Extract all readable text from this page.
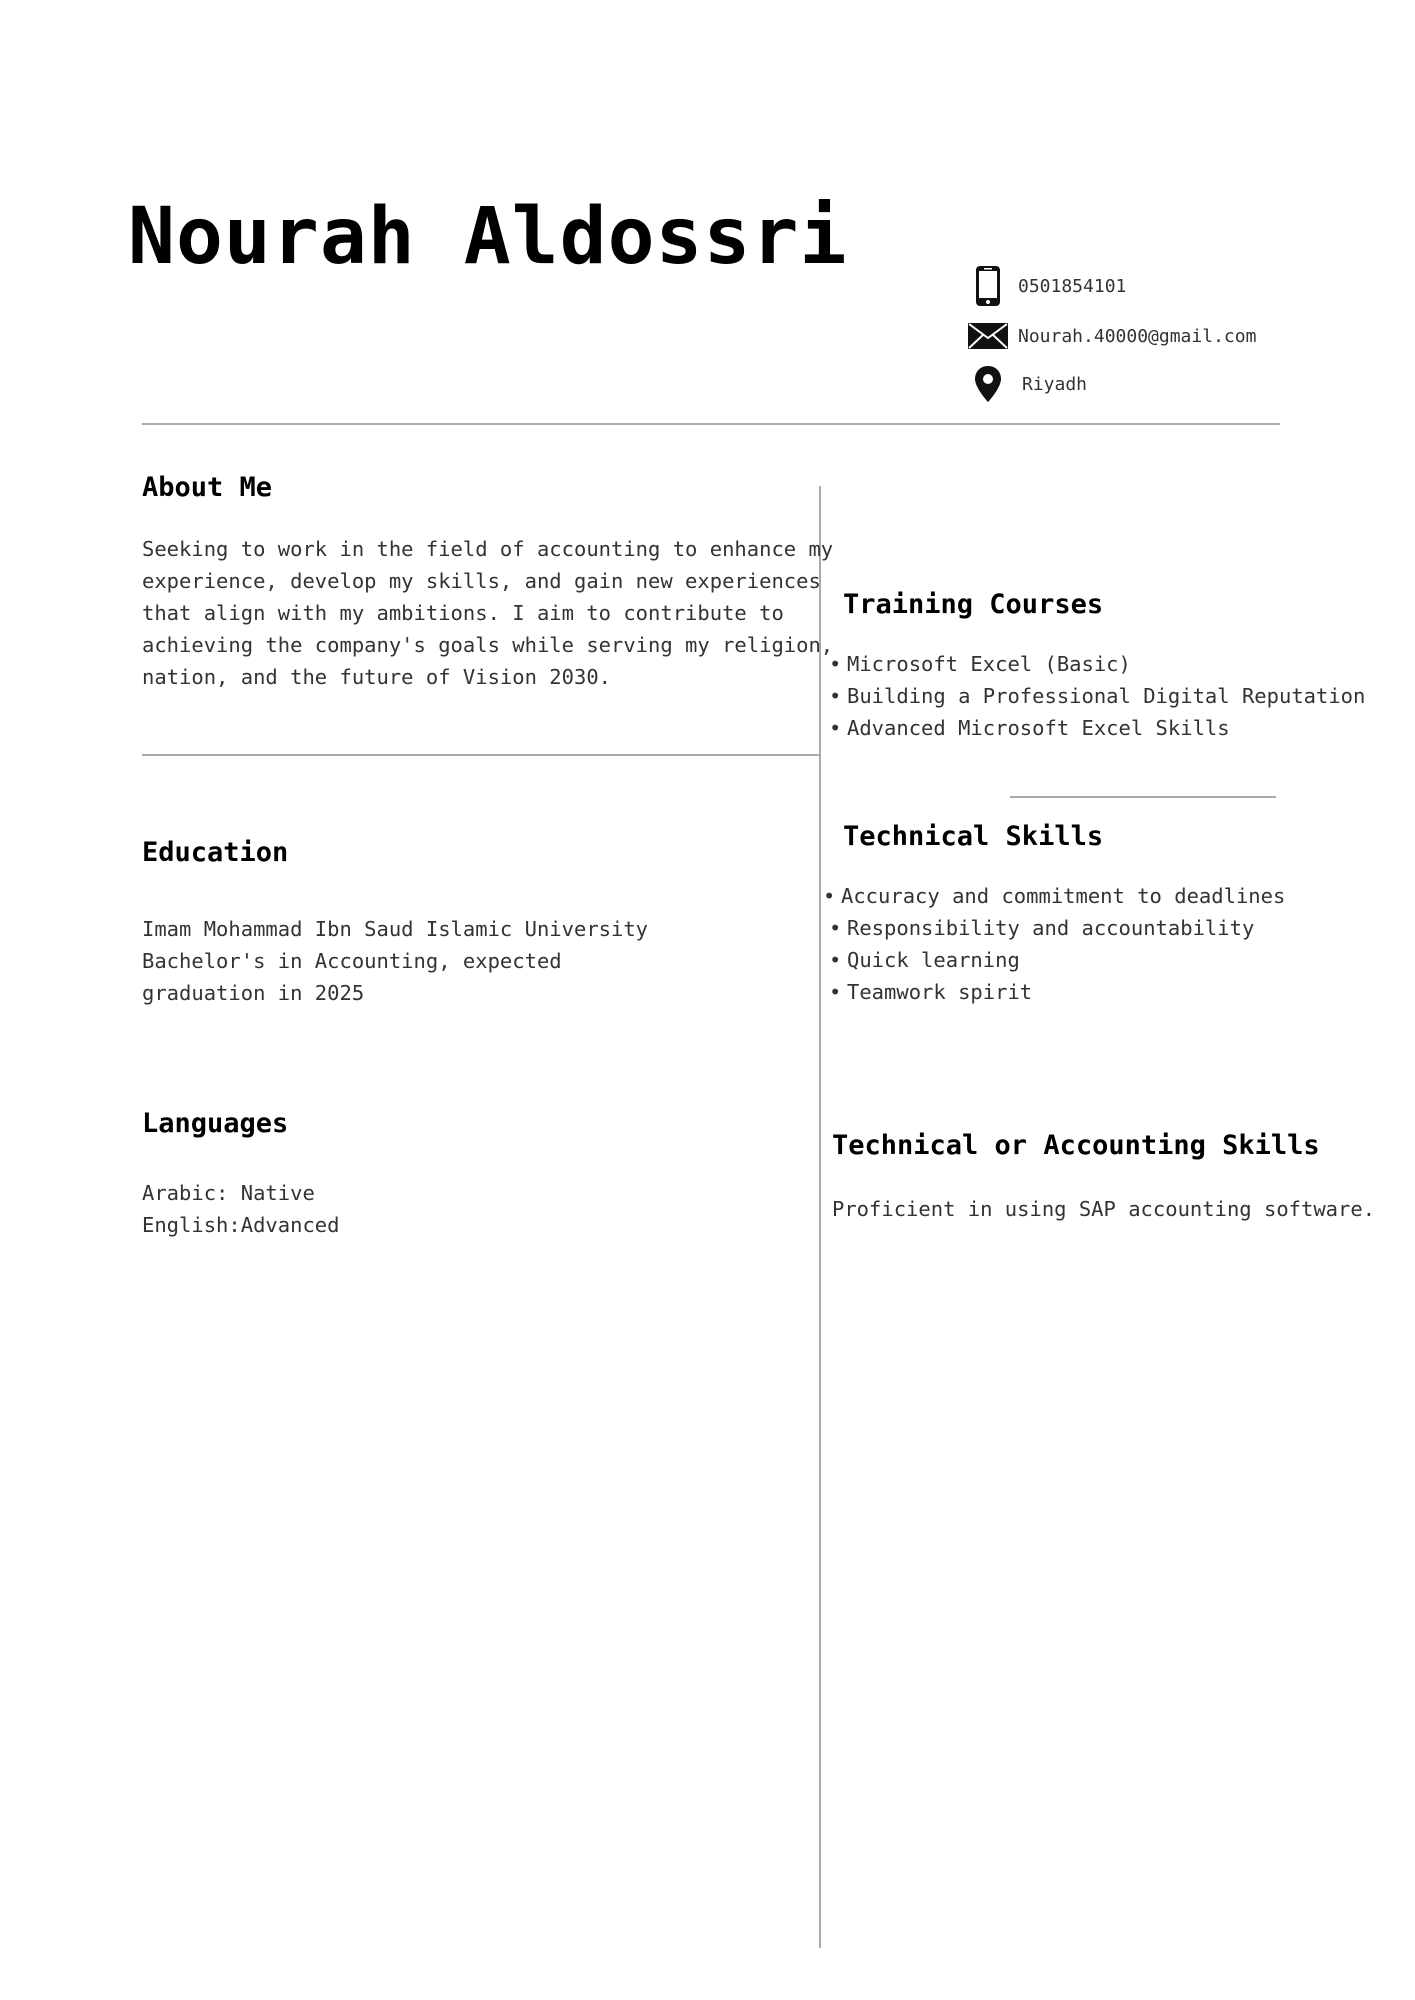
Nourah Aldossri
0501854101
Nourah.40000@gmail.com
Riyadh
About Me
Seeking to work in the field of accounting to enhance my
experience, develop my skills, and gain new experiences
that align with my ambitions. I aim to contribute to
achieving the company's goals while serving my religion,
nation, and the future of Vision 2030.
Education
Imam Mohammad Ibn Saud Islamic University
Bachelor's in Accounting, expected
graduation in 2025
Languages
Arabic: Native
English:Advanced
Training Courses
• Microsoft Excel (Basic)
• Building a Professional Digital Reputation
• Advanced Microsoft Excel Skills
Technical Skills
• Accuracy and commitment to deadlines
• Responsibility and accountability
• Quick learning
• Teamwork spirit
Technical or Accounting Skills
Proficient in using SAP accounting software.
